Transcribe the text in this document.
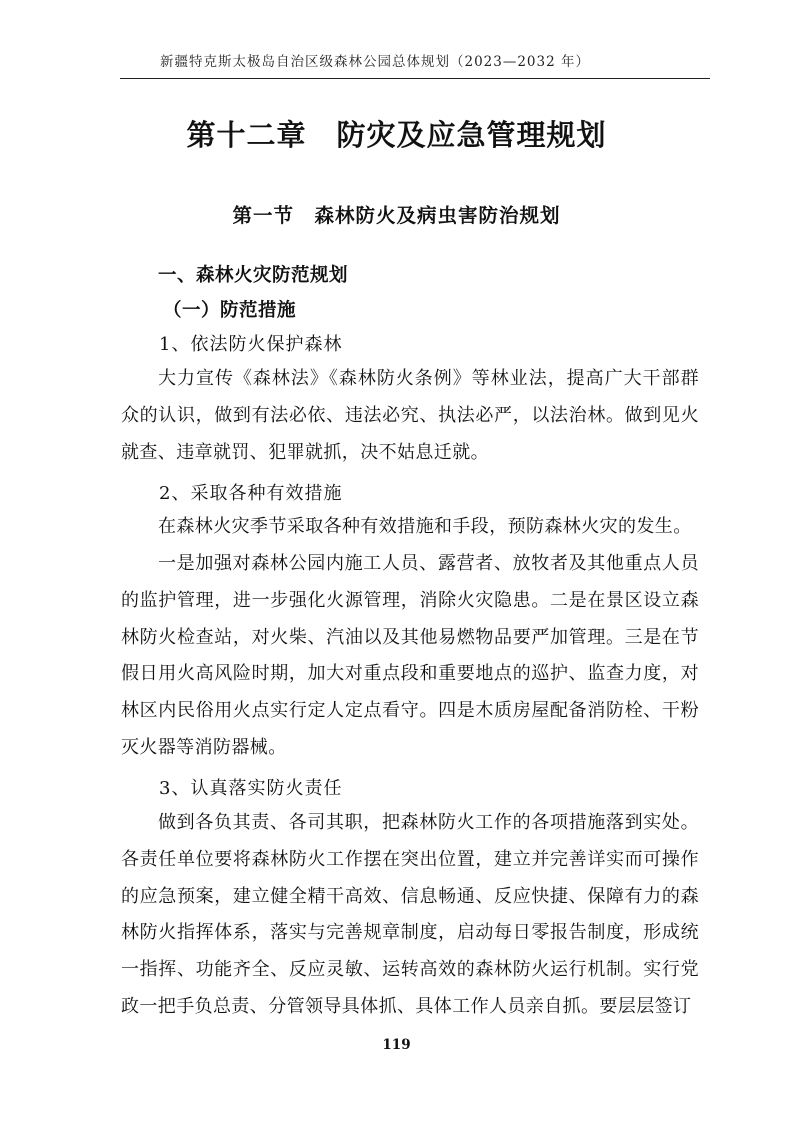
新疆特克斯太极岛自治区级森林公园总体规划（2023—2032 年）
第十二章　防灾及应急管理规划
第一节　森林防火及病虫害防治规划
一、森林火灾防范规划
（一）防范措施
1、依法防火保护森林
大力宣传《森林法》《森林防火条例》等林业法，提高广大干部群众的认识，做到有法必依、违法必究、执法必严，以法治林。做到见火就查、违章就罚、犯罪就抓，决不姑息迁就。
2、采取各种有效措施
在森林火灾季节采取各种有效措施和手段，预防森林火灾的发生。
一是加强对森林公园内施工人员、露营者、放牧者及其他重点人员的监护管理，进一步强化火源管理，消除火灾隐患。二是在景区设立森林防火检查站，对火柴、汽油以及其他易燃物品要严加管理。三是在节假日用火高风险时期，加大对重点段和重要地点的巡护、监查力度，对林区内民俗用火点实行定人定点看守。四是木质房屋配备消防栓、干粉灭火器等消防器械。
3、认真落实防火责任
做到各负其责、各司其职，把森林防火工作的各项措施落到实处。各责任单位要将森林防火工作摆在突出位置，建立并完善详实而可操作的应急预案，建立健全精干高效、信息畅通、反应快捷、保障有力的森林防火指挥体系，落实与完善规章制度，启动每日零报告制度，形成统一指挥、功能齐全、反应灵敏、运转高效的森林防火运行机制。实行党政一把手负总责、分管领导具体抓、具体工作人员亲自抓。要层层签订
119
